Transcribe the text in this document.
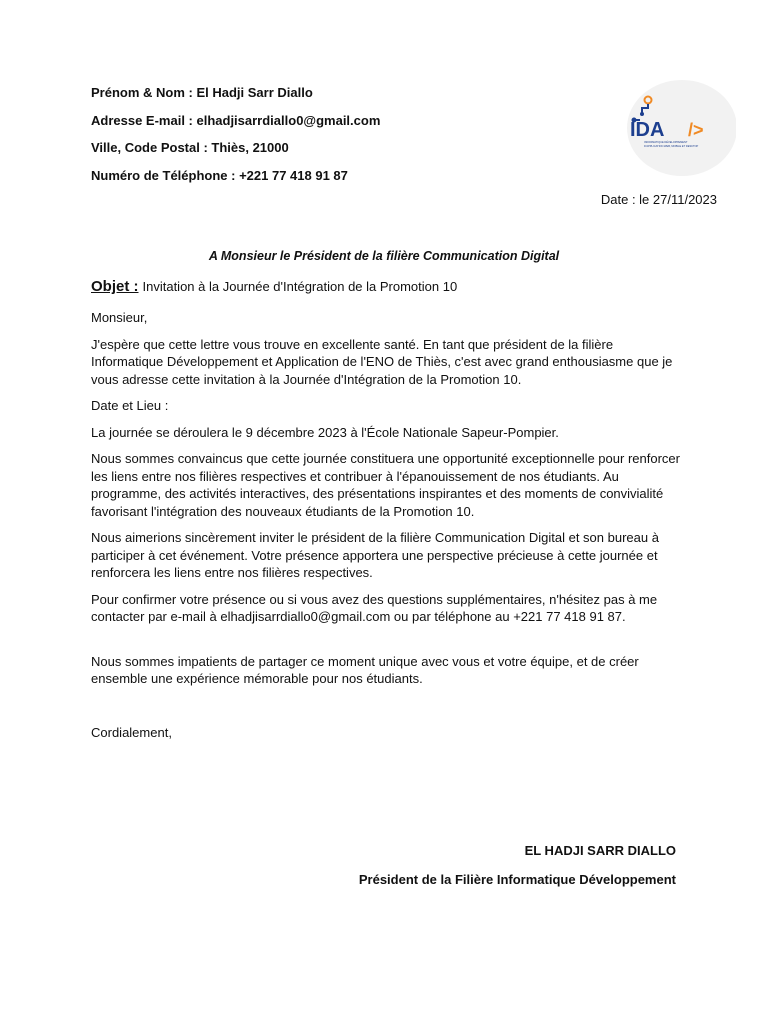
Prénom & Nom : El Hadji Sarr Diallo
Adresse E-mail : elhadjisarrdiallo0@gmail.com
Ville, Code Postal : Thiès, 21000
Numéro de Téléphone : +221 77 418 91 87
IDA />
INFORMATIQUE DÉVELOPPEMENT
D'APPLICATION WEB, MOBILE ET DESKTOP
Date : le 27/11/2023
A Monsieur le Président de la filière Communication Digital
Objet : Invitation à la Journée d'Intégration de la Promotion 10

Monsieur,

J'espère que cette lettre vous trouve en excellente santé. En tant que président de la filière Informatique Développement et Application de l'ENO de Thiès, c'est avec grand enthousiasme que je vous adresse cette invitation à la Journée d'Intégration de la Promotion 10.

Date et Lieu :

La journée se déroulera le 9 décembre 2023 à l'École Nationale Sapeur-Pompier.

Nous sommes convaincus que cette journée constituera une opportunité exceptionnelle pour renforcer les liens entre nos filières respectives et contribuer à l'épanouissement de nos étudiants. Au programme, des activités interactives, des présentations inspirantes et des moments de convivialité favorisant l'intégration des nouveaux étudiants de la Promotion 10.

Nous aimerions sincèrement inviter le président de la filière Communication Digital et son bureau à participer à cet événement. Votre présence apportera une perspective précieuse à cette journée et renforcera les liens entre nos filières respectives.

Pour confirmer votre présence ou si vous avez des questions supplémentaires, n'hésitez pas à me contacter par e-mail à elhadjisarrdiallo0@gmail.com ou par téléphone au +221 77 418 91 87.

Nous sommes impatients de partager ce moment unique avec vous et votre équipe, et de créer ensemble une expérience mémorable pour nos étudiants.

Cordialement,

EL HADJI SARR DIALLO
Président de la Filière Informatique Développement
